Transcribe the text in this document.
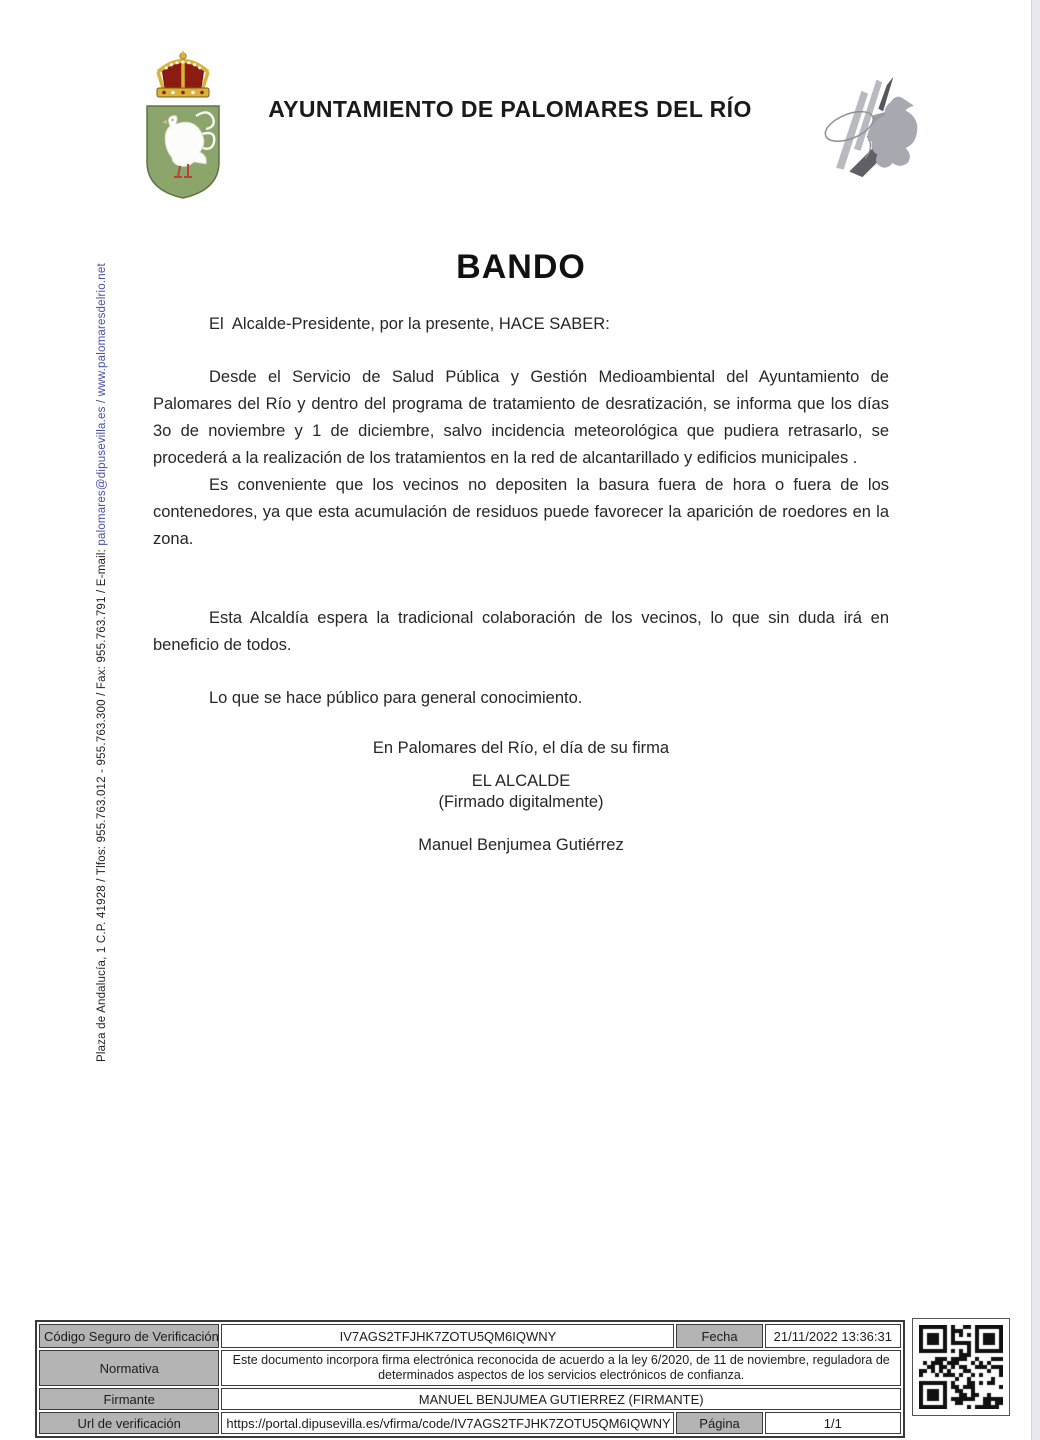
AYUNTAMIENTO DE PALOMARES DEL RÍO
Plaza de Andalucía, 1 C.P. 41928 / Tlfos: 955.763.012 - 955.763.300 / Fax: 955.763.791 / E-mail: palomares@dipusevilla.es / www.palomaresdelrio.net	BANDO

El  Alcalde-Presidente, por la presente, HACE SABER:

Desde el Servicio de Salud Pública y Gestión Medioambiental del Ayuntamiento de Palomares del Río y dentro del programa de tratamiento de desratización, se informa que los días 3o de noviembre y 1 de diciembre, salvo incidencia meteorológica que pudiera retrasarlo, se procederá a la realización de los tratamientos en la red de alcantarillado y edificios municipales .

Es conveniente que los vecinos no depositen la basura fuera de hora o fuera de los contenedores, ya que esta acumulación de residuos puede favorecer la aparición de roedores en la zona.

Esta Alcaldía espera la tradicional colaboración de los vecinos, lo que sin duda irá en beneficio de todos.

Lo que se hace público para general conocimiento.

En Palomares del Río, el día de su firma

EL ALCALDE
(Firmado digitalmente)

Manuel Benjumea Gutiérrez

Código Seguro de Verificación	IV7AGS2TFJHK7ZOTU5QM6IQWNY	Fecha	21/11/2022 13:36:31
Normativa	Este documento incorpora firma electrónica reconocida de acuerdo a la ley 6/2020, de 11 de noviembre, reguladora de determinados aspectos de los servicios electrónicos de confianza.		
Firmante	MANUEL BENJUMEA GUTIERREZ (FIRMANTE)		
Url de verificación	https://portal.dipusevilla.es/vfirma/code/IV7AGS2TFJHK7ZOTU5QM6IQWNY	Página	1/1
